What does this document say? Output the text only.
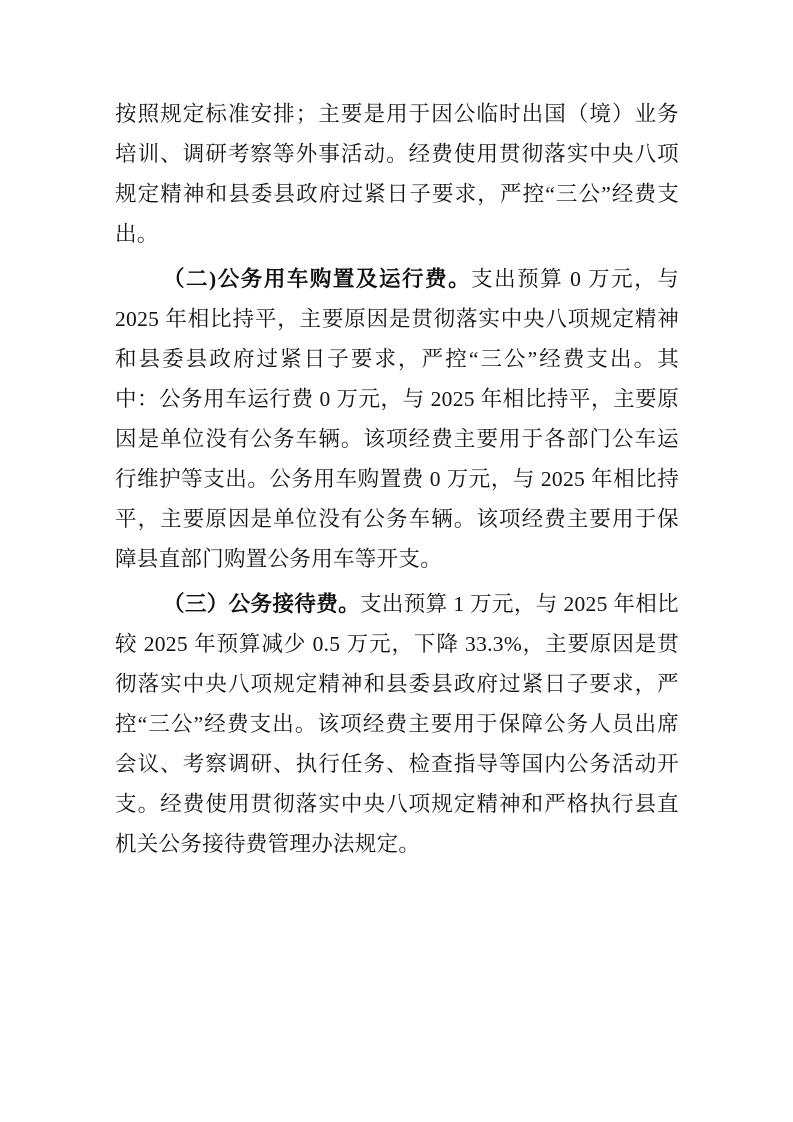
按照规定标准安排；主要是用于因公临时出国（境）业务培训、调研考察等外事活动。经费使用贯彻落实中央八项规定精神和县委县政府过紧日子要求，严控“三公”经费支出。

（二)公务用车购置及运行费。支出预算 0 万元，与 2025 年相比持平，主要原因是贯彻落实中央八项规定精神和县委县政府过紧日子要求，严控“三公”经费支出。其中：公务用车运行费 0 万元，与 2025 年相比持平，主要原因是单位没有公务车辆。该项经费主要用于各部门公车运行维护等支出。公务用车购置费 0 万元，与 2025 年相比持平，主要原因是单位没有公务车辆。该项经费主要用于保障县直部门购置公务用车等开支。

（三）公务接待费。支出预算 1 万元，与 2025 年相比较 2025 年预算减少 0.5 万元，下降 33.3%，主要原因是贯彻落实中央八项规定精神和县委县政府过紧日子要求，严控“三公”经费支出。该项经费主要用于保障公务人员出席会议、考察调研、执行任务、检查指导等国内公务活动开支。经费使用贯彻落实中央八项规定精神和严格执行县直机关公务接待费管理办法规定。
